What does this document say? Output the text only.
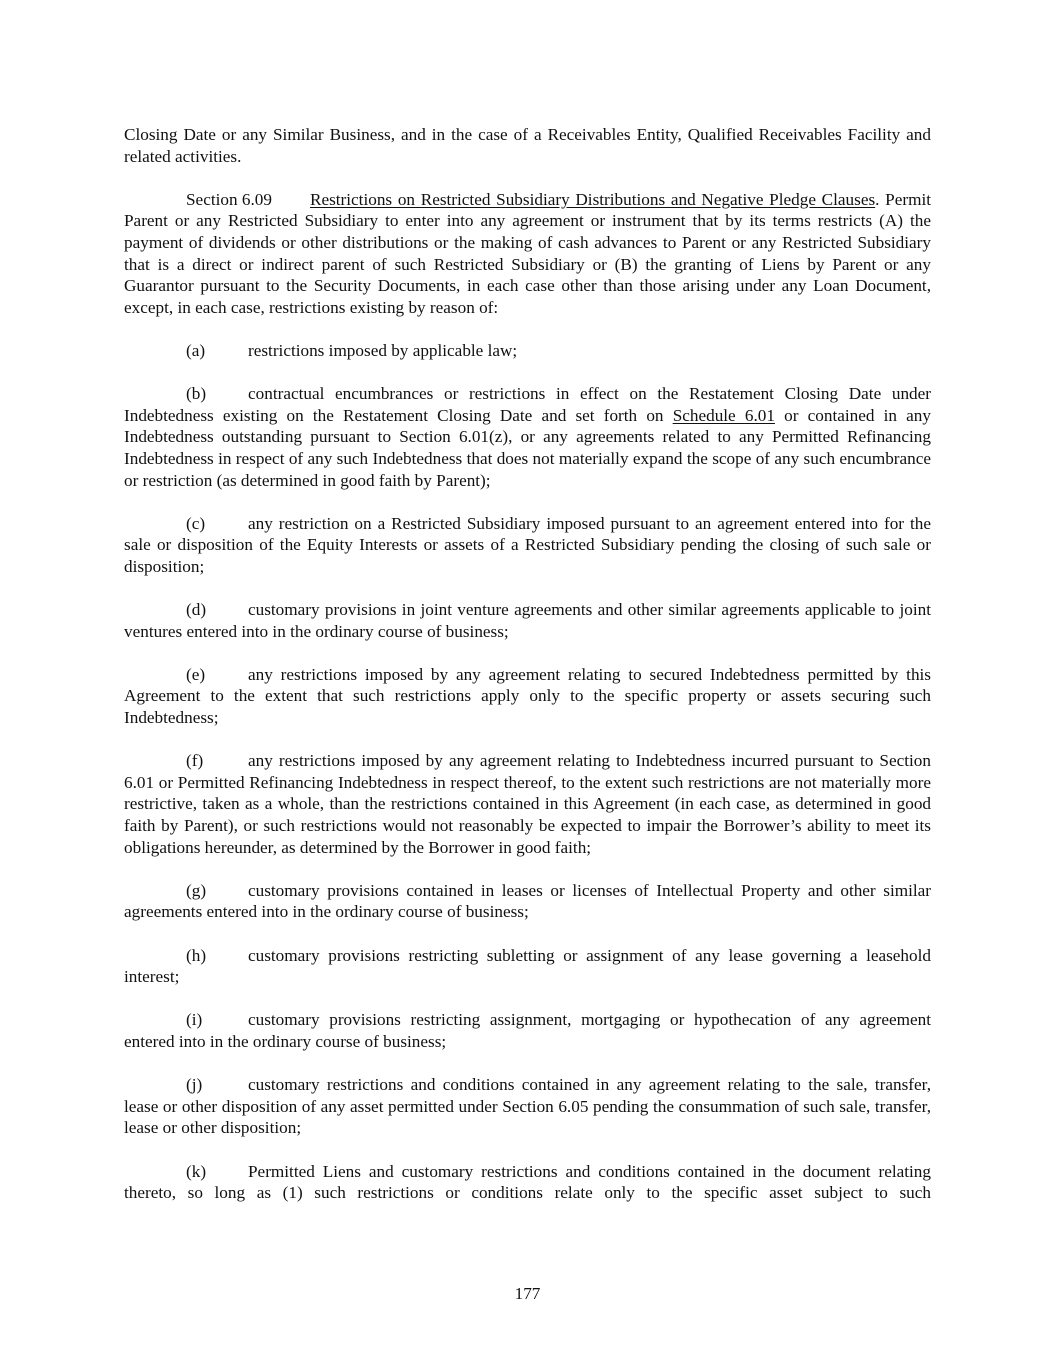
Closing Date or any Similar Business, and in the case of a Receivables Entity, Qualified Receivables Facility and related activities.

Section 6.09 Restrictions on Restricted Subsidiary Distributions and Negative Pledge Clauses. Permit Parent or any Restricted Subsidiary to enter into any agreement or instrument that by its terms restricts (A) the payment of dividends or other distributions or the making of cash advances to Parent or any Restricted Subsidiary that is a direct or indirect parent of such Restricted Subsidiary or (B) the granting of Liens by Parent or any Guarantor pursuant to the Security Documents, in each case other than those arising under any Loan Document, except, in each case, restrictions existing by reason of:

(a) restrictions imposed by applicable law;

(b) contractual encumbrances or restrictions in effect on the Restatement Closing Date under Indebtedness existing on the Restatement Closing Date and set forth on Schedule 6.01 or contained in any Indebtedness outstanding pursuant to Section 6.01(z), or any agreements related to any Permitted Refinancing Indebtedness in respect of any such Indebtedness that does not materially expand the scope of any such encumbrance or restriction (as determined in good faith by Parent);

(c) any restriction on a Restricted Subsidiary imposed pursuant to an agreement entered into for the sale or disposition of the Equity Interests or assets of a Restricted Subsidiary pending the closing of such sale or disposition;

(d) customary provisions in joint venture agreements and other similar agreements applicable to joint ventures entered into in the ordinary course of business;

(e) any restrictions imposed by any agreement relating to secured Indebtedness permitted by this Agreement to the extent that such restrictions apply only to the specific property or assets securing such Indebtedness;

(f)	any restrictions imposed by any agreement relating to Indebtedness incurred pursuant to Section 6.01 or Permitted Refinancing Indebtedness in respect thereof, to the extent such restrictions are not materially more restrictive, taken as a whole, than the restrictions contained in this Agreement (in each case, as determined in good faith by Parent), or such restrictions would not reasonably be expected to impair the Borrower’s ability to meet its obligations hereunder, as determined by the Borrower in good faith;

(g) customary provisions contained in leases or licenses of Intellectual Property and other similar agreements entered into in the ordinary course of business;

(h) customary provisions restricting subletting or assignment of any lease governing a leasehold interest;

(i)	customary provisions restricting assignment, mortgaging or hypothecation of any agreement entered into in the ordinary course of business;

(j)	customary restrictions and conditions contained in any agreement relating to the sale, transfer, lease or other disposition of any asset permitted under Section 6.05 pending the consummation of such sale, transfer, lease or other disposition;

(k) Permitted Liens and customary restrictions and conditions contained in the document relating thereto, so long as (1) such restrictions or conditions relate only to the specific asset subject to such

177
